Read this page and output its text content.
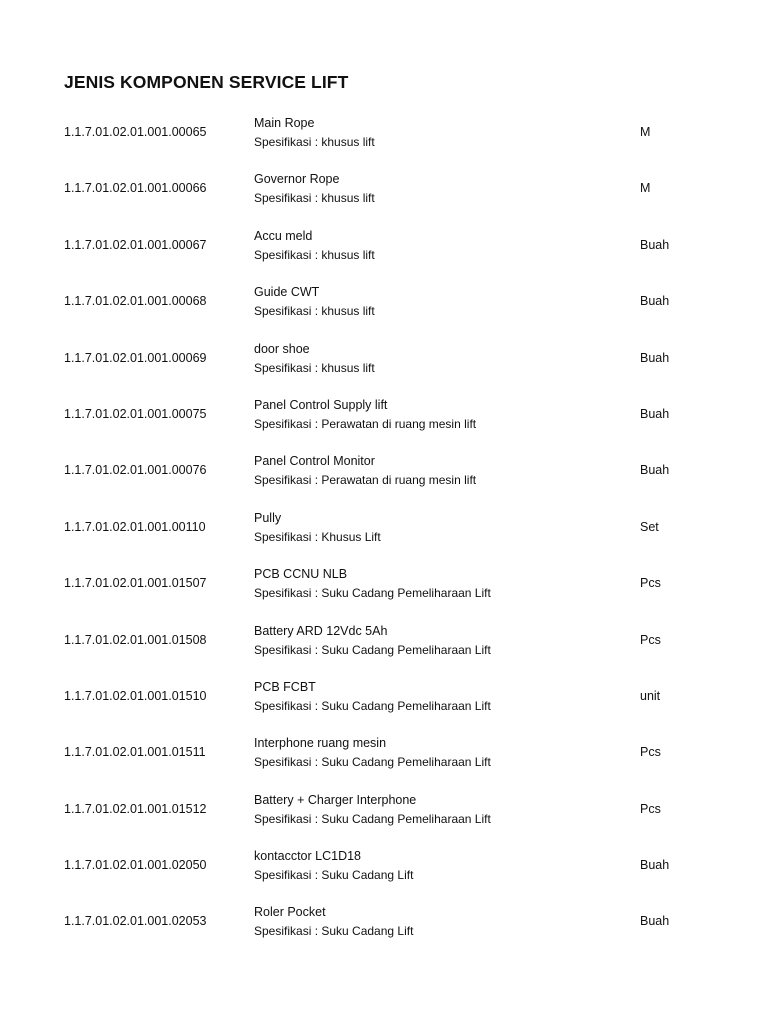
JENIS KOMPONEN SERVICE LIFT
1.1.7.01.02.01.001.00065
Main Rope
Spesifikasi : khusus lift
M
1.1.7.01.02.01.001.00066
Governor Rope
Spesifikasi : khusus lift
M
1.1.7.01.02.01.001.00067
Accu meld
Spesifikasi : khusus lift
Buah
1.1.7.01.02.01.001.00068
Guide CWT
Spesifikasi : khusus lift
Buah
1.1.7.01.02.01.001.00069
door shoe
Spesifikasi : khusus lift
Buah
1.1.7.01.02.01.001.00075
Panel Control Supply lift
Spesifikasi : Perawatan di ruang mesin lift
Buah
1.1.7.01.02.01.001.00076
Panel Control Monitor
Spesifikasi : Perawatan di ruang mesin lift
Buah
1.1.7.01.02.01.001.00110
Pully
Spesifikasi : Khusus Lift
Set
1.1.7.01.02.01.001.01507
PCB CCNU NLB
Spesifikasi : Suku Cadang Pemeliharaan Lift
Pcs
1.1.7.01.02.01.001.01508
Battery ARD 12Vdc 5Ah
Spesifikasi : Suku Cadang Pemeliharaan Lift
Pcs
1.1.7.01.02.01.001.01510
PCB FCBT
Spesifikasi : Suku Cadang Pemeliharaan Lift
unit
1.1.7.01.02.01.001.01511
Interphone ruang mesin
Spesifikasi : Suku Cadang Pemeliharaan Lift
Pcs
1.1.7.01.02.01.001.01512
Battery + Charger Interphone
Spesifikasi : Suku Cadang Pemeliharaan Lift
Pcs
1.1.7.01.02.01.001.02050
kontacctor LC1D18
Spesifikasi : Suku Cadang Lift
Buah
1.1.7.01.02.01.001.02053
Roler Pocket
Spesifikasi : Suku Cadang Lift
Buah
